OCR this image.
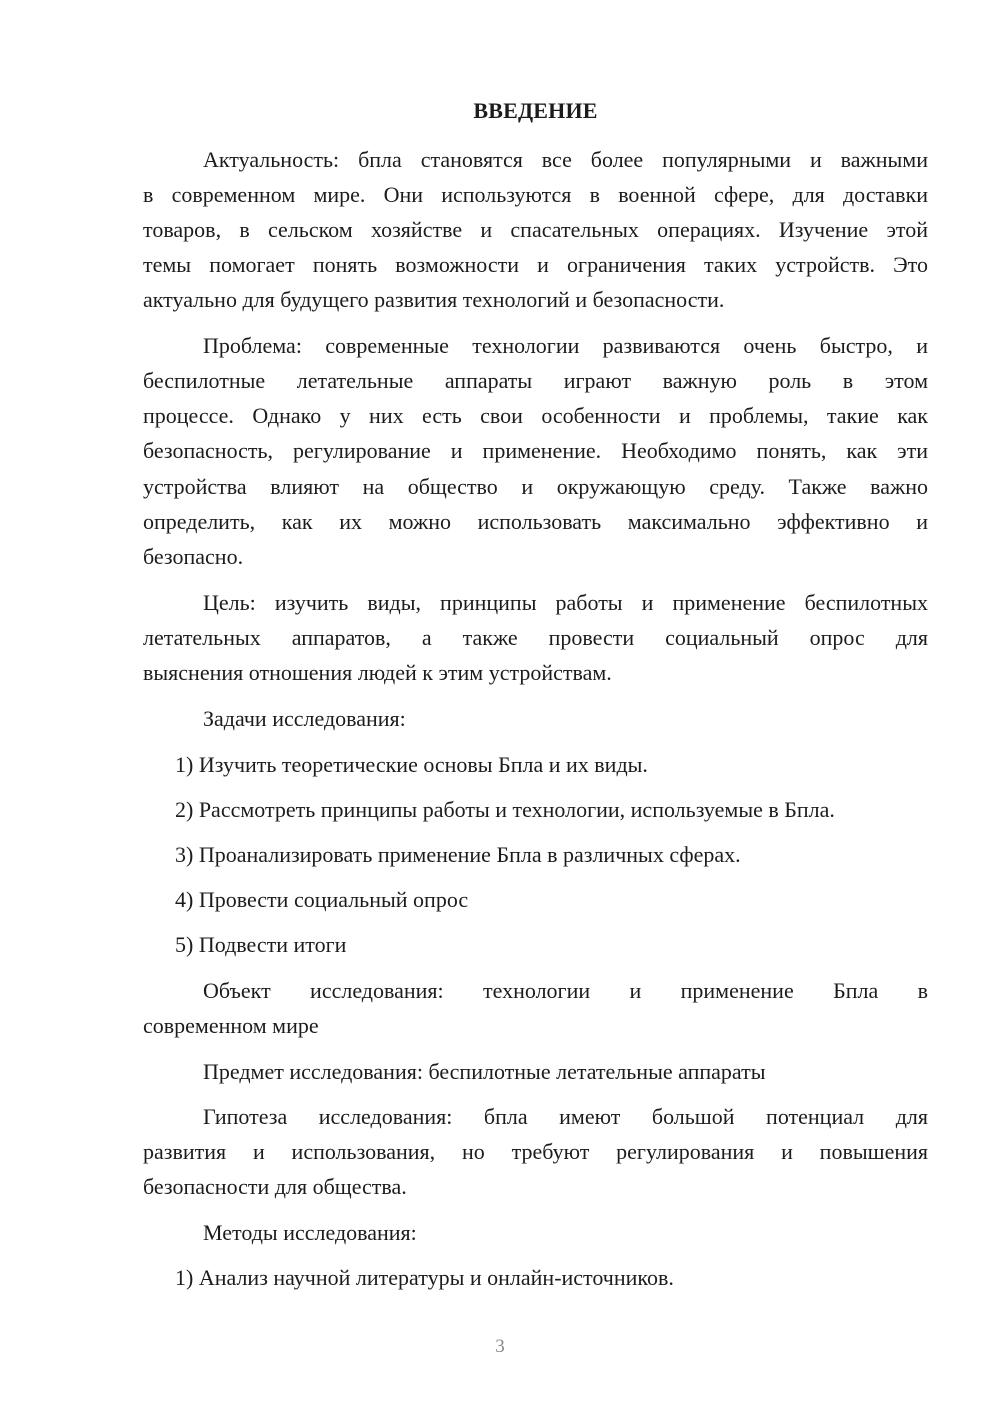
ВВЕДЕНИЕ
Актуальность: бпла становятся все более популярными и важными
в современном мире. Они используются в военной сфере, для доставки
товаров, в сельском хозяйстве и спасательных операциях. Изучение этой
темы помогает понять возможности и ограничения таких устройств. Это
актуально для будущего развития технологий и безопасности.
Проблема: современные технологии развиваются очень быстро, и
беспилотные летательные аппараты играют важную роль в этом
процессе. Однако у них есть свои особенности и проблемы, такие как
безопасность, регулирование и применение. Необходимо понять, как эти
устройства влияют на общество и окружающую среду. Также важно
определить, как их можно использовать максимально эффективно и
безопасно.
Цель: изучить виды, принципы работы и применение беспилотных
летательных аппаратов, а также провести социальный опрос для
выяснения отношения людей к этим устройствам.
Задачи исследования:
1) Изучить теоретические основы Бпла и их виды.
2) Рассмотреть принципы работы и технологии, используемые в Бпла.
3) Проанализировать применение Бпла в различных сферах.
4) Провести социальный опрос
5) Подвести итоги
Объект исследования: технологии и применение Бпла в
современном мире
Предмет исследования: беспилотные летательные аппараты
Гипотеза исследования: бпла имеют большой потенциал для
развития и использования, но требуют регулирования и повышения
безопасности для общества.
Методы исследования:
1) Анализ научной литературы и онлайн-источников.
3
